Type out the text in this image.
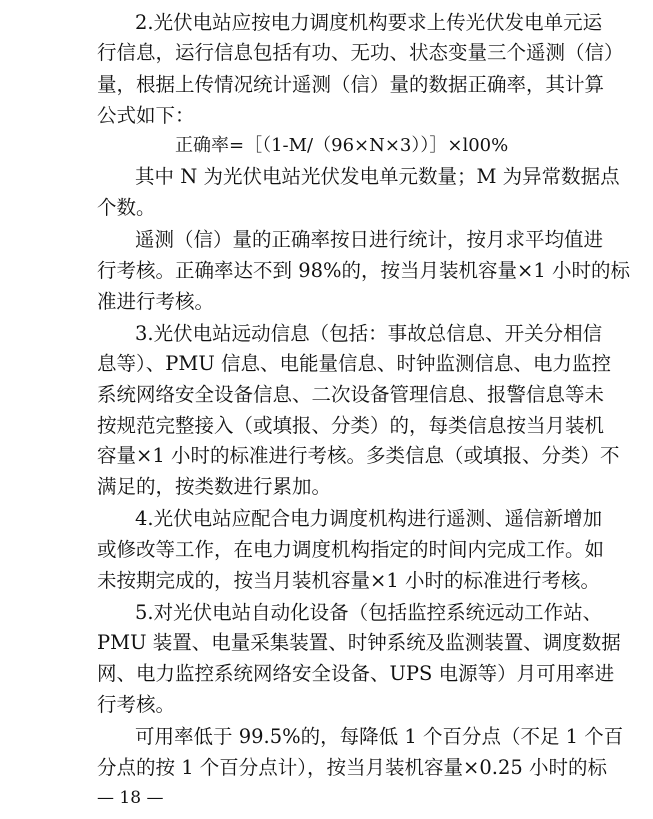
2.光伏电站应按电力调度机构要求上传光伏发电单元运
行信息，运行信息包括有功、无功、状态变量三个遥测（信）
量，根据上传情况统计遥测（信）量的数据正确率，其计算
公式如下：
正确率=［（1-M/（96×N×3））］×l00%
其中 N 为光伏电站光伏发电单元数量；M 为异常数据点
个数。
遥测（信）量的正确率按日进行统计，按月求平均值进
行考核。正确率达不到 98%的，按当月装机容量×1 小时的标
准进行考核。
3.光伏电站远动信息（包括：事故总信息、开关分相信
息等）、PMU 信息、电能量信息、时钟监测信息、电力监控
系统网络安全设备信息、二次设备管理信息、报警信息等未
按规范完整接入（或填报、分类）的，每类信息按当月装机
容量×1 小时的标准进行考核。多类信息（或填报、分类）不
满足的，按类数进行累加。
4.光伏电站应配合电力调度机构进行遥测、遥信新增加
或修改等工作，在电力调度机构指定的时间内完成工作。如
未按期完成的，按当月装机容量×1 小时的标准进行考核。
5.对光伏电站自动化设备（包括监控系统远动工作站、
PMU 装置、电量采集装置、时钟系统及监测装置、调度数据
网、电力监控系统网络安全设备、UPS 电源等）月可用率进
行考核。
可用率低于 99.5%的，每降低 1 个百分点（不足 1 个百
分点的按 1 个百分点计），按当月装机容量×0.25 小时的标
— 18 —
